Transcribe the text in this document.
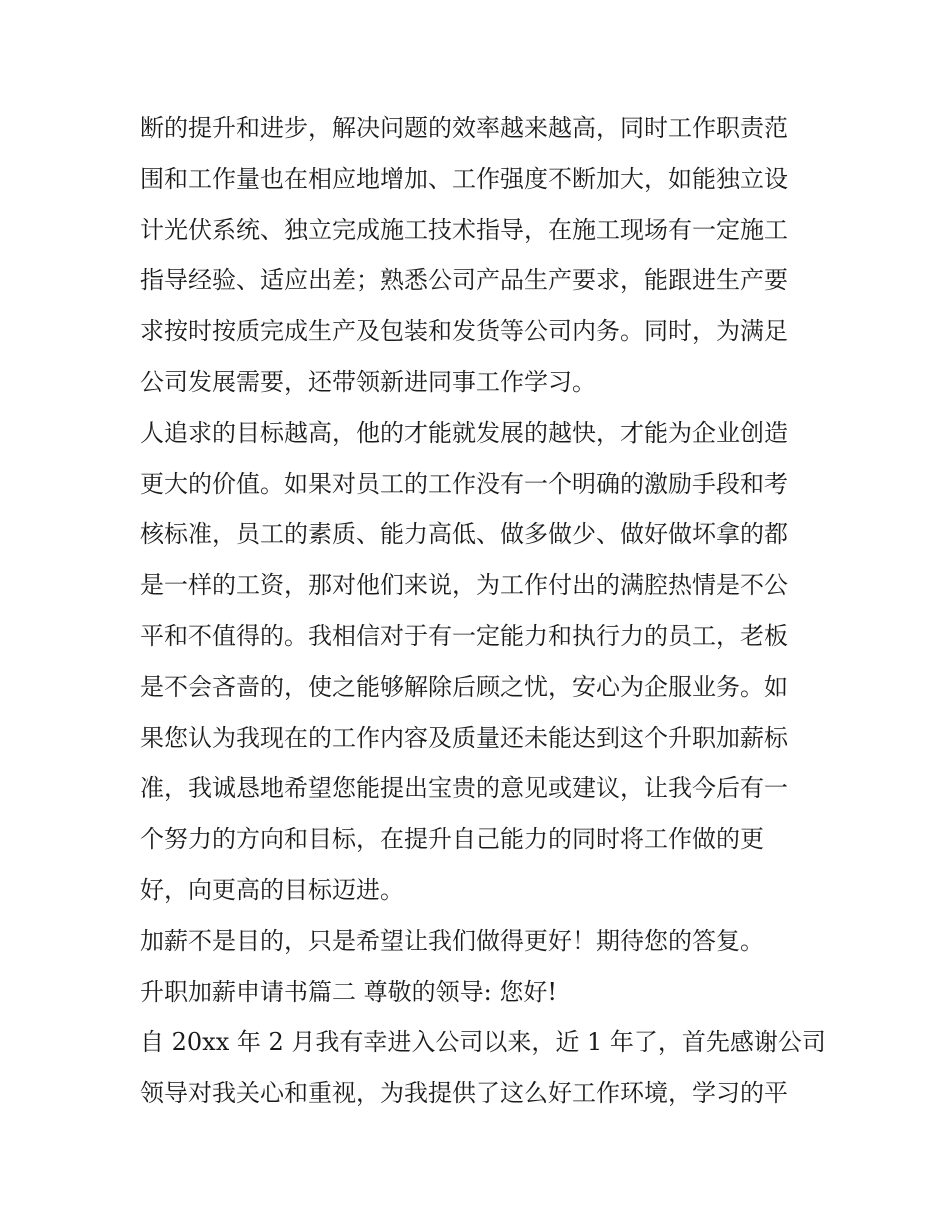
断的提升和进步，解决问题的效率越来越高，同时工作职责范
围和工作量也在相应地增加、工作强度不断加大，如能独立设
计光伏系统、独立完成施工技术指导，在施工现场有一定施工
指导经验、适应出差；熟悉公司产品生产要求，能跟进生产要
求按时按质完成生产及包装和发货等公司内务。同时，为满足
公司发展需要，还带领新进同事工作学习。
人追求的目标越高，他的才能就发展的越快，才能为企业创造
更大的价值。如果对员工的工作没有一个明确的激励手段和考
核标准，员工的素质、能力高低、做多做少、做好做坏拿的都
是一样的工资，那对他们来说，为工作付出的满腔热情是不公
平和不值得的。我相信对于有一定能力和执行力的员工，老板
是不会吝啬的，使之能够解除后顾之忧，安心为企服业务。如
果您认为我现在的工作内容及质量还未能达到这个升职加薪标
准，我诚恳地希望您能提出宝贵的意见或建议，让我今后有一
个努力的方向和目标，在提升自己能力的同时将工作做的更
好，向更高的目标迈进。
加薪不是目的，只是希望让我们做得更好！期待您的答复。
升职加薪申请书篇二 尊敬的领导: 您好!
自 20xx 年 2 月我有幸进入公司以来，近 1 年了，首先感谢公司
领导对我关心和重视，为我提供了这么好工作环境，学习的平
